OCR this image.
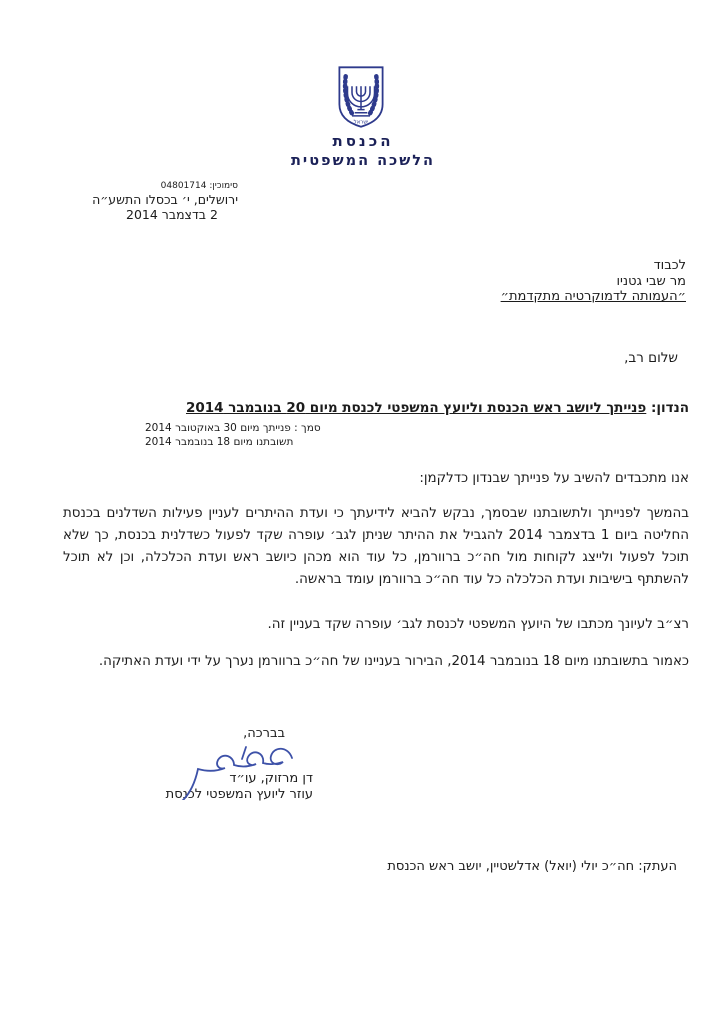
ישראל
הכנסת
הלשכה המשפטית
סימוכין: 04801714
ירושלים, י׳ בכסלו התשע״ה
2 בדצמבר 2014
לכבוד
מר שבי גטניו
״העמותה לדמוקרטיה מתקדמת״
שלום רב,
הנדון: פנייתך ליושב ראש הכנסת וליועץ המשפטי לכנסת מיום 20 בנובמבר 2014
סמך : פנייתך מיום 30 באוקטובר 2014
תשובתנו מיום 18 בנובמבר 2014

אנו מתכבדים להשיב על פנייתך שבנדון כדלקמן:

בהמשך לפנייתך ולתשובתנו שבסמך, נבקש להביא לידיעתך כי ועדת ההיתרים לעניין פעילות השדלנים בכנסת החליטה ביום 1 בדצמבר 2014 להגביל את ההיתר שניתן לגב׳ עופרה שקד לפעול כשדלנית בכנסת, כך שלא תוכל לפעול ולייצג לקוחות מול חה״כ ברוורמן, כל עוד הוא מכהן כיושב ראש ועדת הכלכלה, וכן לא תוכל להשתתף בישיבות ועדת הכלכלה כל עוד חה״כ ברוורמן עומד בראשה.

רצ״ב לעיונך מכתבו של היועץ המשפטי לכנסת לגב׳ עופרה שקד בעניין זה.

כאמור בתשובתנו מיום 18 בנובמבר 2014, הבירור בעניינו של חה״כ ברוורמן נערך על ידי ועדת האתיקה.

בברכה,
דן מרזוק, עו״ד
עוזר ליועץ המשפטי לכנסת
העתק: חה״כ יולי (יואל) אדלשטיין, יושב ראש הכנסת
